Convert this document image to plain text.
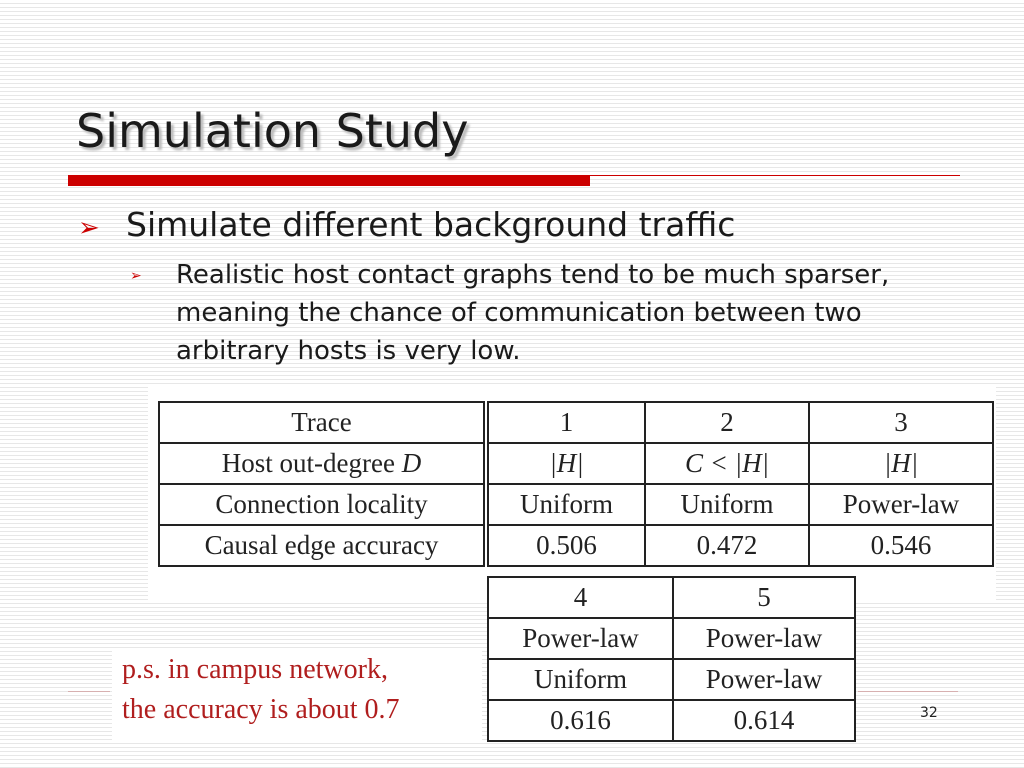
Simulation Study
➢ Simulate different background traffic
➢ Realistic host contact graphs tend to be much sparser, meaning the chance of communication between two arbitrary hosts is very low.
Trace	1	2	3
Host out-degree D	|H|	C < |H|	|H|
Connection locality	Uniform	Uniform	Power-law
Causal edge accuracy	0.506	0.472	0.546
4	5
Power-law	Power-law
Uniform	Power-law
0.616	0.614
p.s. in campus network,
the accuracy is about 0.7	32
